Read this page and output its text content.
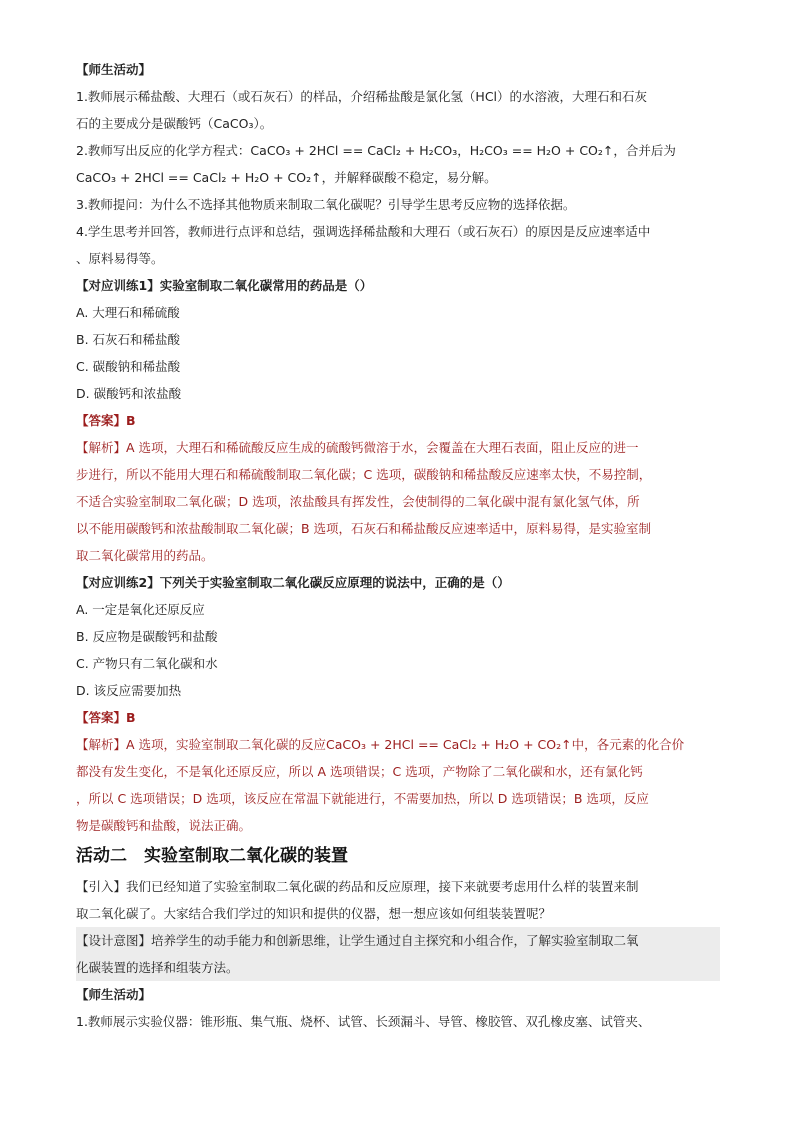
【师生活动】
1.教师展示稀盐酸、大理石（或石灰石）的样品，介绍稀盐酸是氯化氢（HCl）的水溶液，大理石和石灰
石的主要成分是碳酸钙（CaCO₃）。
2.教师写出反应的化学方程式：CaCO₃ + 2HCl == CaCl₂ + H₂CO₃，H₂CO₃ == H₂O + CO₂↑，合并后为
CaCO₃ + 2HCl == CaCl₂ + H₂O + CO₂↑，并解释碳酸不稳定，易分解。
3.教师提问：为什么不选择其他物质来制取二氧化碳呢？引导学生思考反应物的选择依据。
4.学生思考并回答，教师进行点评和总结，强调选择稀盐酸和大理石（或石灰石）的原因是反应速率适中
、原料易得等。
【对应训练1】实验室制取二氧化碳常用的药品是（）
A. 大理石和稀硫酸
B. 石灰石和稀盐酸
C. 碳酸钠和稀盐酸
D. 碳酸钙和浓盐酸
【答案】B
【解析】A 选项，大理石和稀硫酸反应生成的硫酸钙微溶于水，会覆盖在大理石表面，阻止反应的进一
步进行，所以不能用大理石和稀硫酸制取二氧化碳；C 选项，碳酸钠和稀盐酸反应速率太快，不易控制，
不适合实验室制取二氧化碳；D 选项，浓盐酸具有挥发性，会使制得的二氧化碳中混有氯化氢气体，所
以不能用碳酸钙和浓盐酸制取二氧化碳；B 选项，石灰石和稀盐酸反应速率适中，原料易得，是实验室制
取二氧化碳常用的药品。
【对应训练2】下列关于实验室制取二氧化碳反应原理的说法中，正确的是（）
A. 一定是氧化还原反应
B. 反应物是碳酸钙和盐酸
C. 产物只有二氧化碳和水
D. 该反应需要加热
【答案】B
【解析】A 选项，实验室制取二氧化碳的反应CaCO₃ + 2HCl == CaCl₂ + H₂O + CO₂↑中，各元素的化合价
都没有发生变化，不是氧化还原反应，所以 A 选项错误；C 选项，产物除了二氧化碳和水，还有氯化钙
，所以 C 选项错误；D 选项，该反应在常温下就能进行，不需要加热，所以 D 选项错误；B 选项，反应
物是碳酸钙和盐酸，说法正确。
活动二　实验室制取二氧化碳的装置
【引入】我们已经知道了实验室制取二氧化碳的药品和反应原理，接下来就要考虑用什么样的装置来制
取二氧化碳了。大家结合我们学过的知识和提供的仪器，想一想应该如何组装装置呢？
【设计意图】培养学生的动手能力和创新思维，让学生通过自主探究和小组合作，了解实验室制取二氧
化碳装置的选择和组装方法。
【师生活动】
1.教师展示实验仪器：锥形瓶、集气瓶、烧杯、试管、长颈漏斗、导管、橡胶管、双孔橡皮塞、试管夹、
